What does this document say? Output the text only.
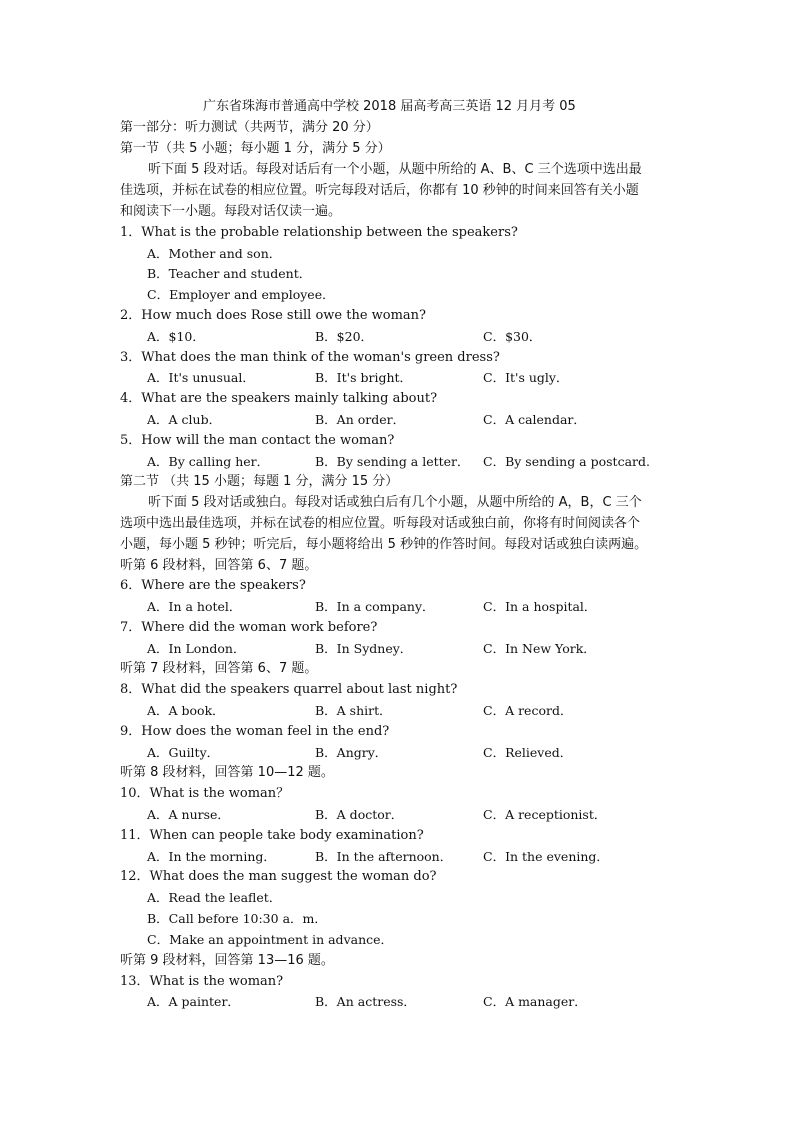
广东省珠海市普通高中学校 2018 届高考高三英语 12 月月考 05
第一部分：听力测试（共两节，满分 20 分）
第一节（共 5 小题；每小题 1 分，满分 5 分）
听下面 5 段对话。每段对话后有一个小题，从题中所给的 A、B、C 三个选项中选出最
佳选项，并标在试卷的相应位置。听完每段对话后，你都有 10 秒钟的时间来回答有关小题
和阅读下一小题。每段对话仅读一遍。
1．What is the probable relationship between the speakers?
A．Mother and son．
B．Teacher and student．
C．Employer and employee．
2．How much does Rose still owe the woman?
A．$10．	B．$20．	C．$30．
3．What does the man think of the woman's green dress?
A．It's unusual．	B．It's bright．	C．It's ugly．
4．What are the speakers mainly talking about?
A．A club．	B．An order．	C．A calendar．
5．How will the man contact the woman?
A．By calling her．	B．By sending a letter． C．By sending a postcard.
第二节 （共 15 小题；每题 1 分，满分 15 分）
听下面 5 段对话或独白。每段对话或独白后有几个小题，从题中所给的 A，B，C 三个
选项中选出最佳选项，并标在试卷的相应位置。听每段对话或独白前，你将有时间阅读各个
小题，每小题 5 秒钟；听完后，每小题将给出 5 秒钟的作答时间。每段对话或独白读两遍。
听第 6 段材料，回答第 6、7 题。
6．Where are the speakers?
A．In a hotel．	B．In a company．	C．In a hospital．
7．Where did the woman work before?
A．In London．	B．In Sydney．	C．In New York．
听第 7 段材料，回答第 6、7 题。
8．What did the speakers quarrel about last night?
A．A book．	B．A shirt．	C．A record．
9．How does the woman feel in the end?
A．Guilty．	B．Angry．	C．Relieved．
听第 8 段材料，回答第 10—12 题。
10．What is the woman？
A．A nurse．	B．A doctor．	C．A receptionist．
11．When can people take body examination?
A．In the morning．	B．In the afternoon． C．In the evening．
12．What does the man suggest the woman do?
A．Read the leaflet．
B．Call before 10:30 a．m．
C．Make an appointment in advance．
听第 9 段材料，回答第 13—16 题。
13．What is the woman?
A．A painter．	B．An actress．	C．A manager．
